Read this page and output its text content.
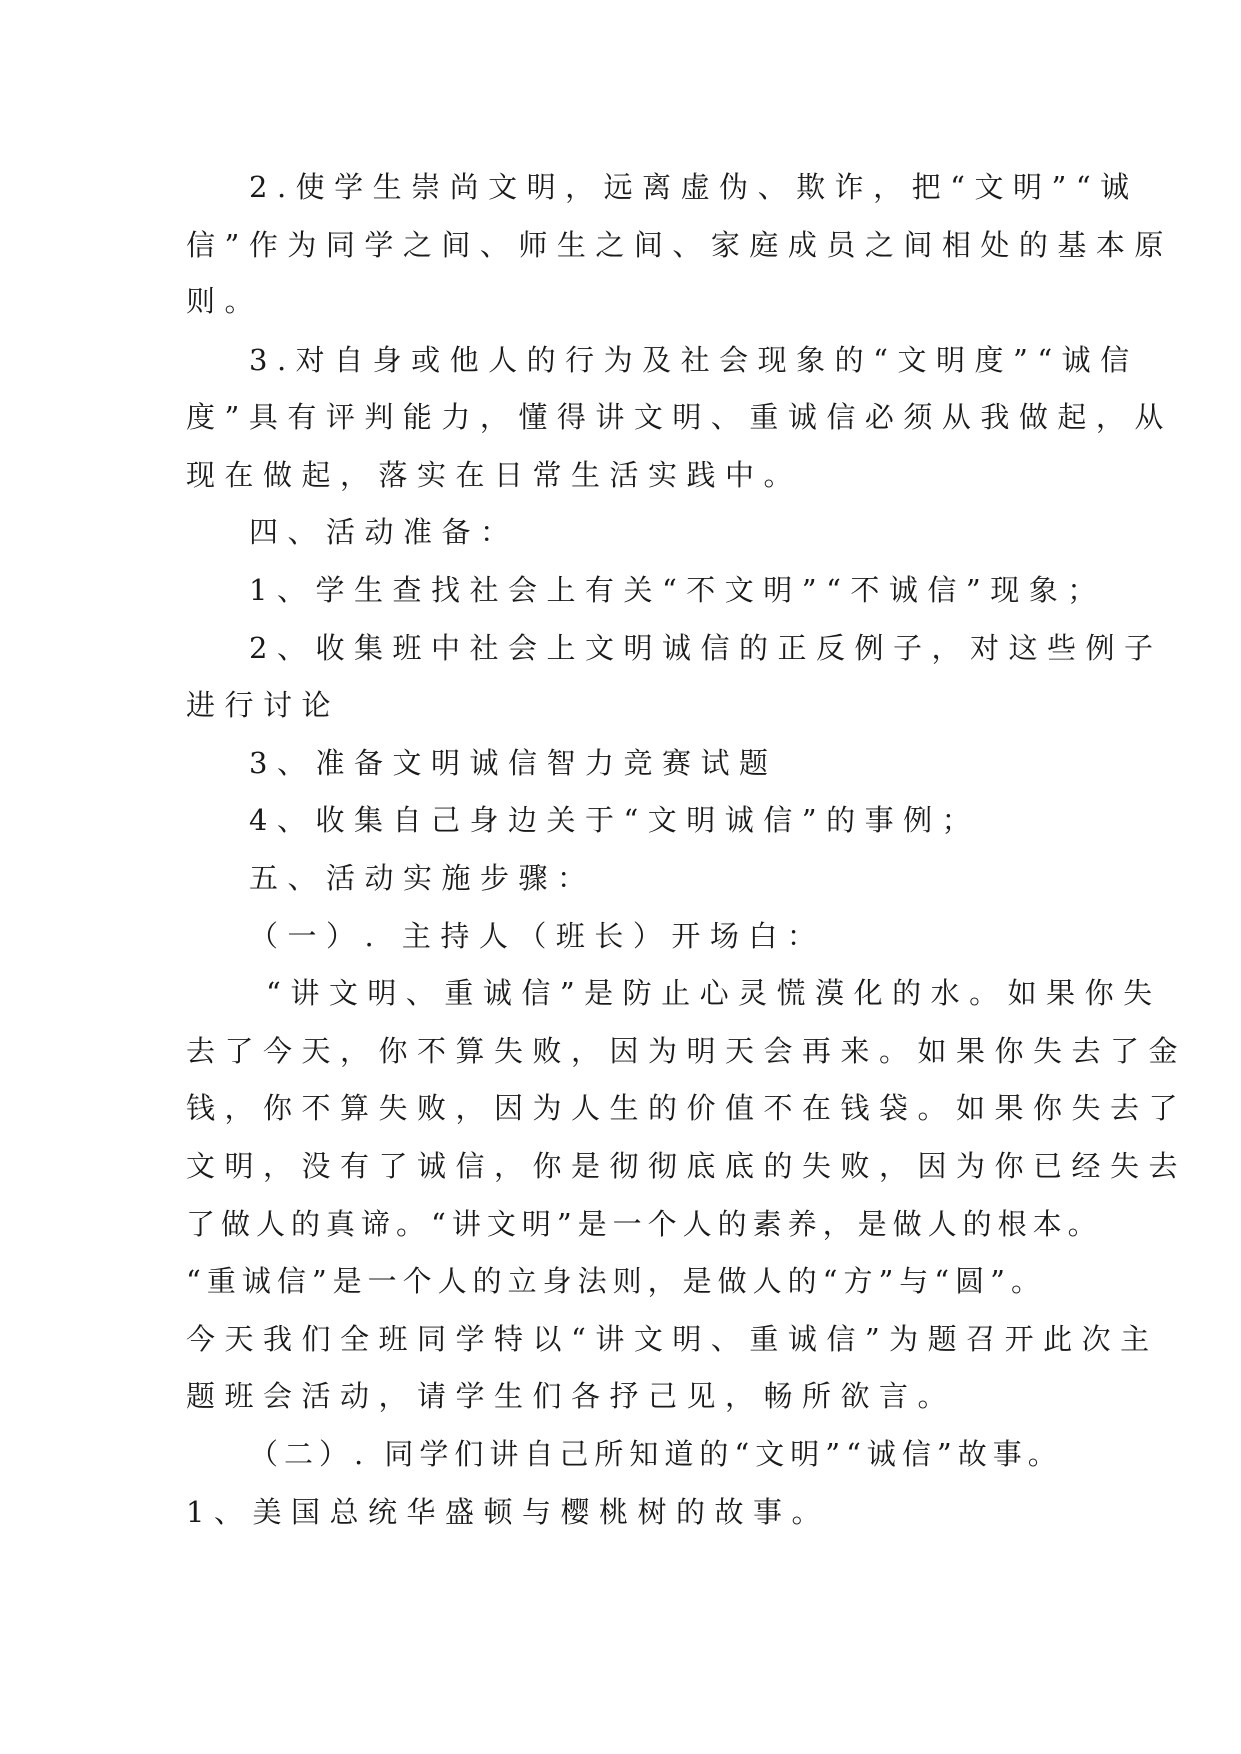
2.使学生崇尚文明，远离虚伪、欺诈，把“文明”“诚

信”作为同学之间、师生之间、家庭成员之间相处的基本原

则。

3.对自身或他人的行为及社会现象的“文明度”“诚信

度”具有评判能力，懂得讲文明、重诚信必须从我做起，从

现在做起，落实在日常生活实践中。

四、活动准备：

1、学生查找社会上有关“不文明”“不诚信”现象；

2、收集班中社会上文明诚信的正反例子，对这些例子

进行讨论

3、准备文明诚信智力竞赛试题

4、收集自己身边关于“文明诚信”的事例；

五、活动实施步骤：

（一）. 主持人（班长）开场白：

“讲文明、重诚信”是防止心灵慌漠化的水。如果你失

去了今天，你不算失败，因为明天会再来。如果你失去了金

钱，你不算失败，因为人生的价值不在钱袋。如果你失去了

文明，没有了诚信，你是彻彻底底的失败，因为你已经失去

了做人的真谛。“讲文明”是一个人的素养，是做人的根本。

“重诚信”是一个人的立身法则，是做人的“方”与“圆”。

今天我们全班同学特以“讲文明、重诚信”为题召开此次主

题班会活动，请学生们各抒己见，畅所欲言。

（二）. 同学们讲自己所知道的“文明”“诚信”故事。

1、美国总统华盛顿与樱桃树的故事。
